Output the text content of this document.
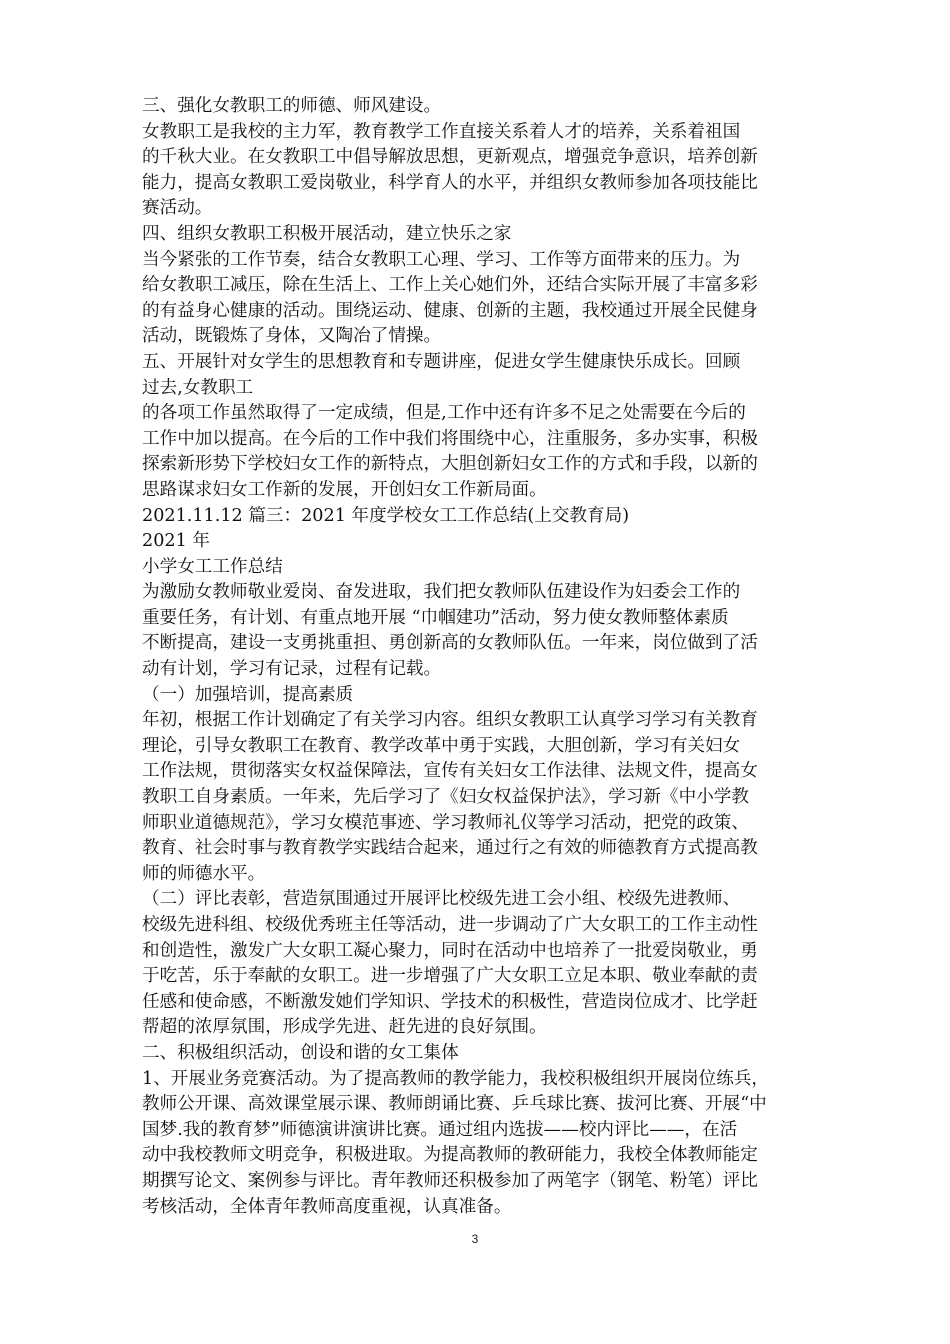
三、强化女教职工的师德、师风建设。
女教职工是我校的主力军，教育教学工作直接关系着人才的培养，关系着祖国
的千秋大业。在女教职工中倡导解放思想，更新观点，增强竞争意识，培养创新
能力，提高女教职工爱岗敬业，科学育人的水平，并组织女教师参加各项技能比
赛活动。
四、组织女教职工积极开展活动，建立快乐之家
当今紧张的工作节奏，结合女教职工心理、学习、工作等方面带来的压力。为
给女教职工减压，除在生活上、工作上关心她们外，还结合实际开展了丰富多彩
的有益身心健康的活动。围绕运动、健康、创新的主题，我校通过开展全民健身
活动，既锻炼了身体，又陶冶了情操。
五、开展针对女学生的思想教育和专题讲座，促进女学生健康快乐成长。回顾
过去,女教职工
的各项工作虽然取得了一定成绩，但是,工作中还有许多不足之处需要在今后的
工作中加以提高。在今后的工作中我们将围绕中心，注重服务，多办实事，积极
探索新形势下学校妇女工作的新特点，大胆创新妇女工作的方式和手段，以新的
思路谋求妇女工作新的发展，开创妇女工作新局面。
2021.11.12 篇三：2021 年度学校女工工作总结(上交教育局)
2021 年
小学女工工作总结
为激励女教师敬业爱岗、奋发进取，我们把女教师队伍建设作为妇委会工作的
重要任务，有计划、有重点地开展 “巾帼建功”活动，努力使女教师整体素质
不断提高，建设一支勇挑重担、勇创新高的女教师队伍。一年来，岗位做到了活
动有计划，学习有记录，过程有记载。
（一）加强培训，提高素质
年初，根据工作计划确定了有关学习内容。组织女教职工认真学习学习有关教育
理论，引导女教职工在教育、教学改革中勇于实践，大胆创新，学习有关妇女
工作法规，贯彻落实女权益保障法，宣传有关妇女工作法律、法规文件，提高女
教职工自身素质。一年来，先后学习了《妇女权益保护法》，学习新《中小学教
师职业道德规范》，学习女模范事迹、学习教师礼仪等学习活动，把党的政策、
教育、社会时事与教育教学实践结合起来，通过行之有效的师德教育方式提高教
师的师德水平。
（二）评比表彰，营造氛围通过开展评比校级先进工会小组、校级先进教师、
校级先进科组、校级优秀班主任等活动，进一步调动了广大女职工的工作主动性
和创造性，激发广大女职工凝心聚力，同时在活动中也培养了一批爱岗敬业，勇
于吃苦，乐于奉献的女职工。进一步增强了广大女职工立足本职、敬业奉献的责
任感和使命感，不断激发她们学知识、学技术的积极性，营造岗位成才、比学赶
帮超的浓厚氛围，形成学先进、赶先进的良好氛围。
二、积极组织活动，创设和谐的女工集体
1、开展业务竞赛活动。为了提高教师的教学能力，我校积极组织开展岗位练兵，
教师公开课、高效课堂展示课、教师朗诵比赛、乒乓球比赛、拔河比赛、开展“中
国梦.我的教育梦”师德演讲演讲比赛。通过组内选拔——校内评比——，在活
动中我校教师文明竞争，积极进取。为提高教师的教研能力，我校全体教师能定
期撰写论文、案例参与评比。青年教师还积极参加了两笔字（钢笔、粉笔）评比
考核活动，全体青年教师高度重视，认真准备。
3
